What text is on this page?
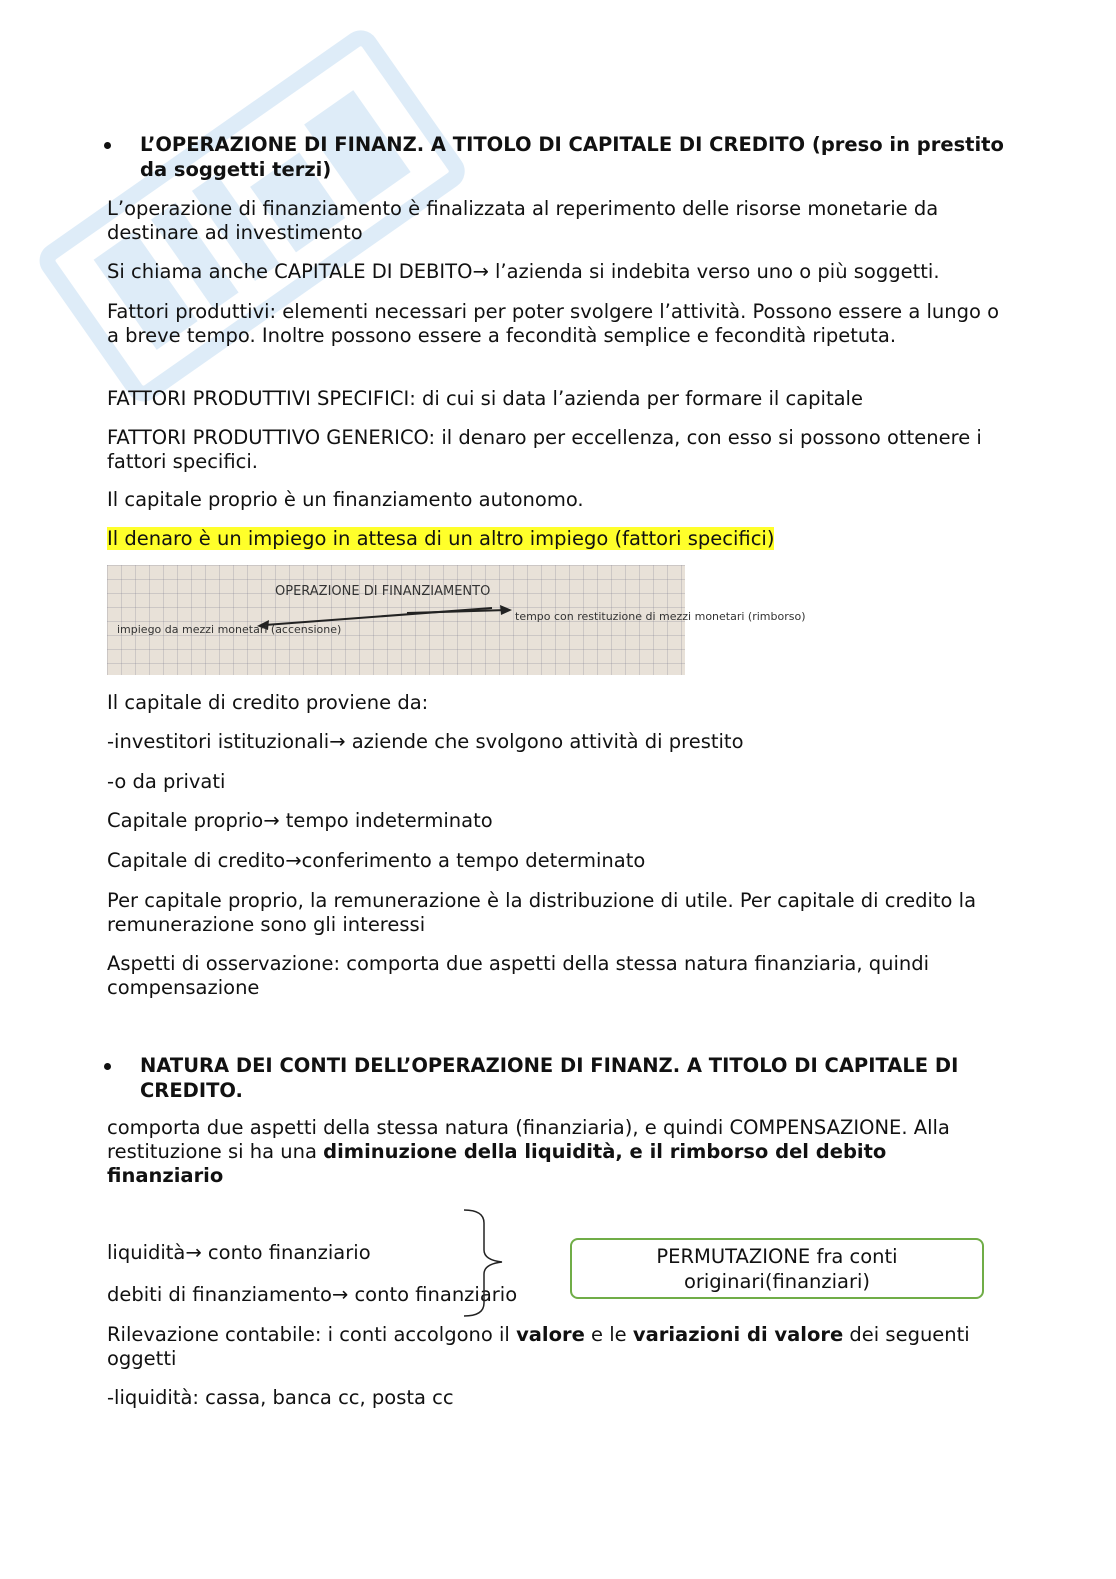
L’OPERAZIONE DI FINANZ. A TITOLO DI CAPITALE DI CREDITO (preso in prestito da soggetti terzi)

L’operazione di finanziamento è finalizzata al reperimento delle risorse monetarie da destinare ad investimento

Si chiama anche CAPITALE DI DEBITO→ l’azienda si indebita verso uno o più soggetti.

Fattori produttivi: elementi necessari per poter svolgere l’attività. Possono essere a lungo o a breve tempo. Inoltre possono essere a fecondità semplice e fecondità ripetuta.

FATTORI PRODUTTIVI SPECIFICI: di cui si data l’azienda per formare il capitale

FATTORI PRODUTTIVO GENERICO: il denaro per eccellenza, con esso si possono ottenere i fattori specifici.

Il capitale proprio è un finanziamento autonomo.

Il denaro è un impiego in attesa di un altro impiego (fattori specifici)

OPERAZIONE DI FINANZIAMENTO
impiego da mezzi monetari (accensione)
tempo con restituzione di mezzi monetari (rimborso)

Il capitale di credito proviene da:

-investitori istituzionali→ aziende che svolgono attività di prestito

-o da privati

Capitale proprio→ tempo indeterminato

Capitale di credito→conferimento a tempo determinato

Per capitale proprio, la remunerazione è la distribuzione di utile. Per capitale di credito la remunerazione sono gli interessi

Aspetti di osservazione: comporta due aspetti della stessa natura finanziaria, quindi compensazione

NATURA DEI CONTI DELL’OPERAZIONE DI FINANZ. A TITOLO DI CAPITALE DI CREDITO.

comporta due aspetti della stessa natura (finanziaria), e quindi COMPENSAZIONE. Alla restituzione si ha una diminuzione della liquidità, e il rimborso del debito finanziario

liquidità→ conto finanziario

debiti di finanziamento→ conto finanziario

PERMUTAZIONE fra conti originari(finanziari)

Rilevazione contabile: i conti accolgono il valore e le variazioni di valore dei seguenti oggetti

-liquidità: cassa, banca cc, posta cc
